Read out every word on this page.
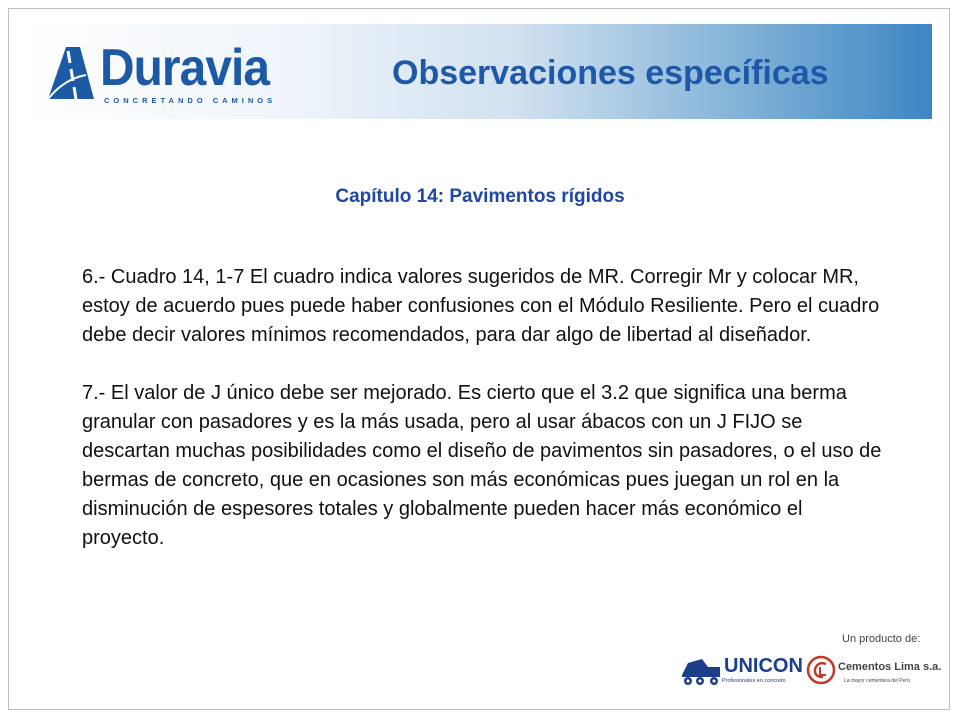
Duravia
CONCRETANDO CAMINOS
Observaciones específicas
Capítulo 14: Pavimentos rígidos

6.- Cuadro 14, 1-7 El cuadro indica valores sugeridos de MR. Corregir Mr y colocar MR, estoy de acuerdo pues puede haber confusiones con el Módulo Resiliente. Pero el cuadro debe decir valores mínimos recomendados, para dar algo de libertad al diseñador.

7.- El valor de J único debe ser mejorado. Es cierto que el 3.2 que significa una berma granular con pasadores y es la más usada, pero al usar ábacos con un J FIJO se descartan muchas posibilidades como el diseño de pavimentos sin pasadores, o el uso de bermas de concreto, que en ocasiones son más económicas pues juegan un rol en la disminución de espesores totales y globalmente pueden hacer más económico el proyecto.

Un producto de:
UNICON
Profesionales en concreto
Cementos Lima s.a.
La mayor cementera del Perú
